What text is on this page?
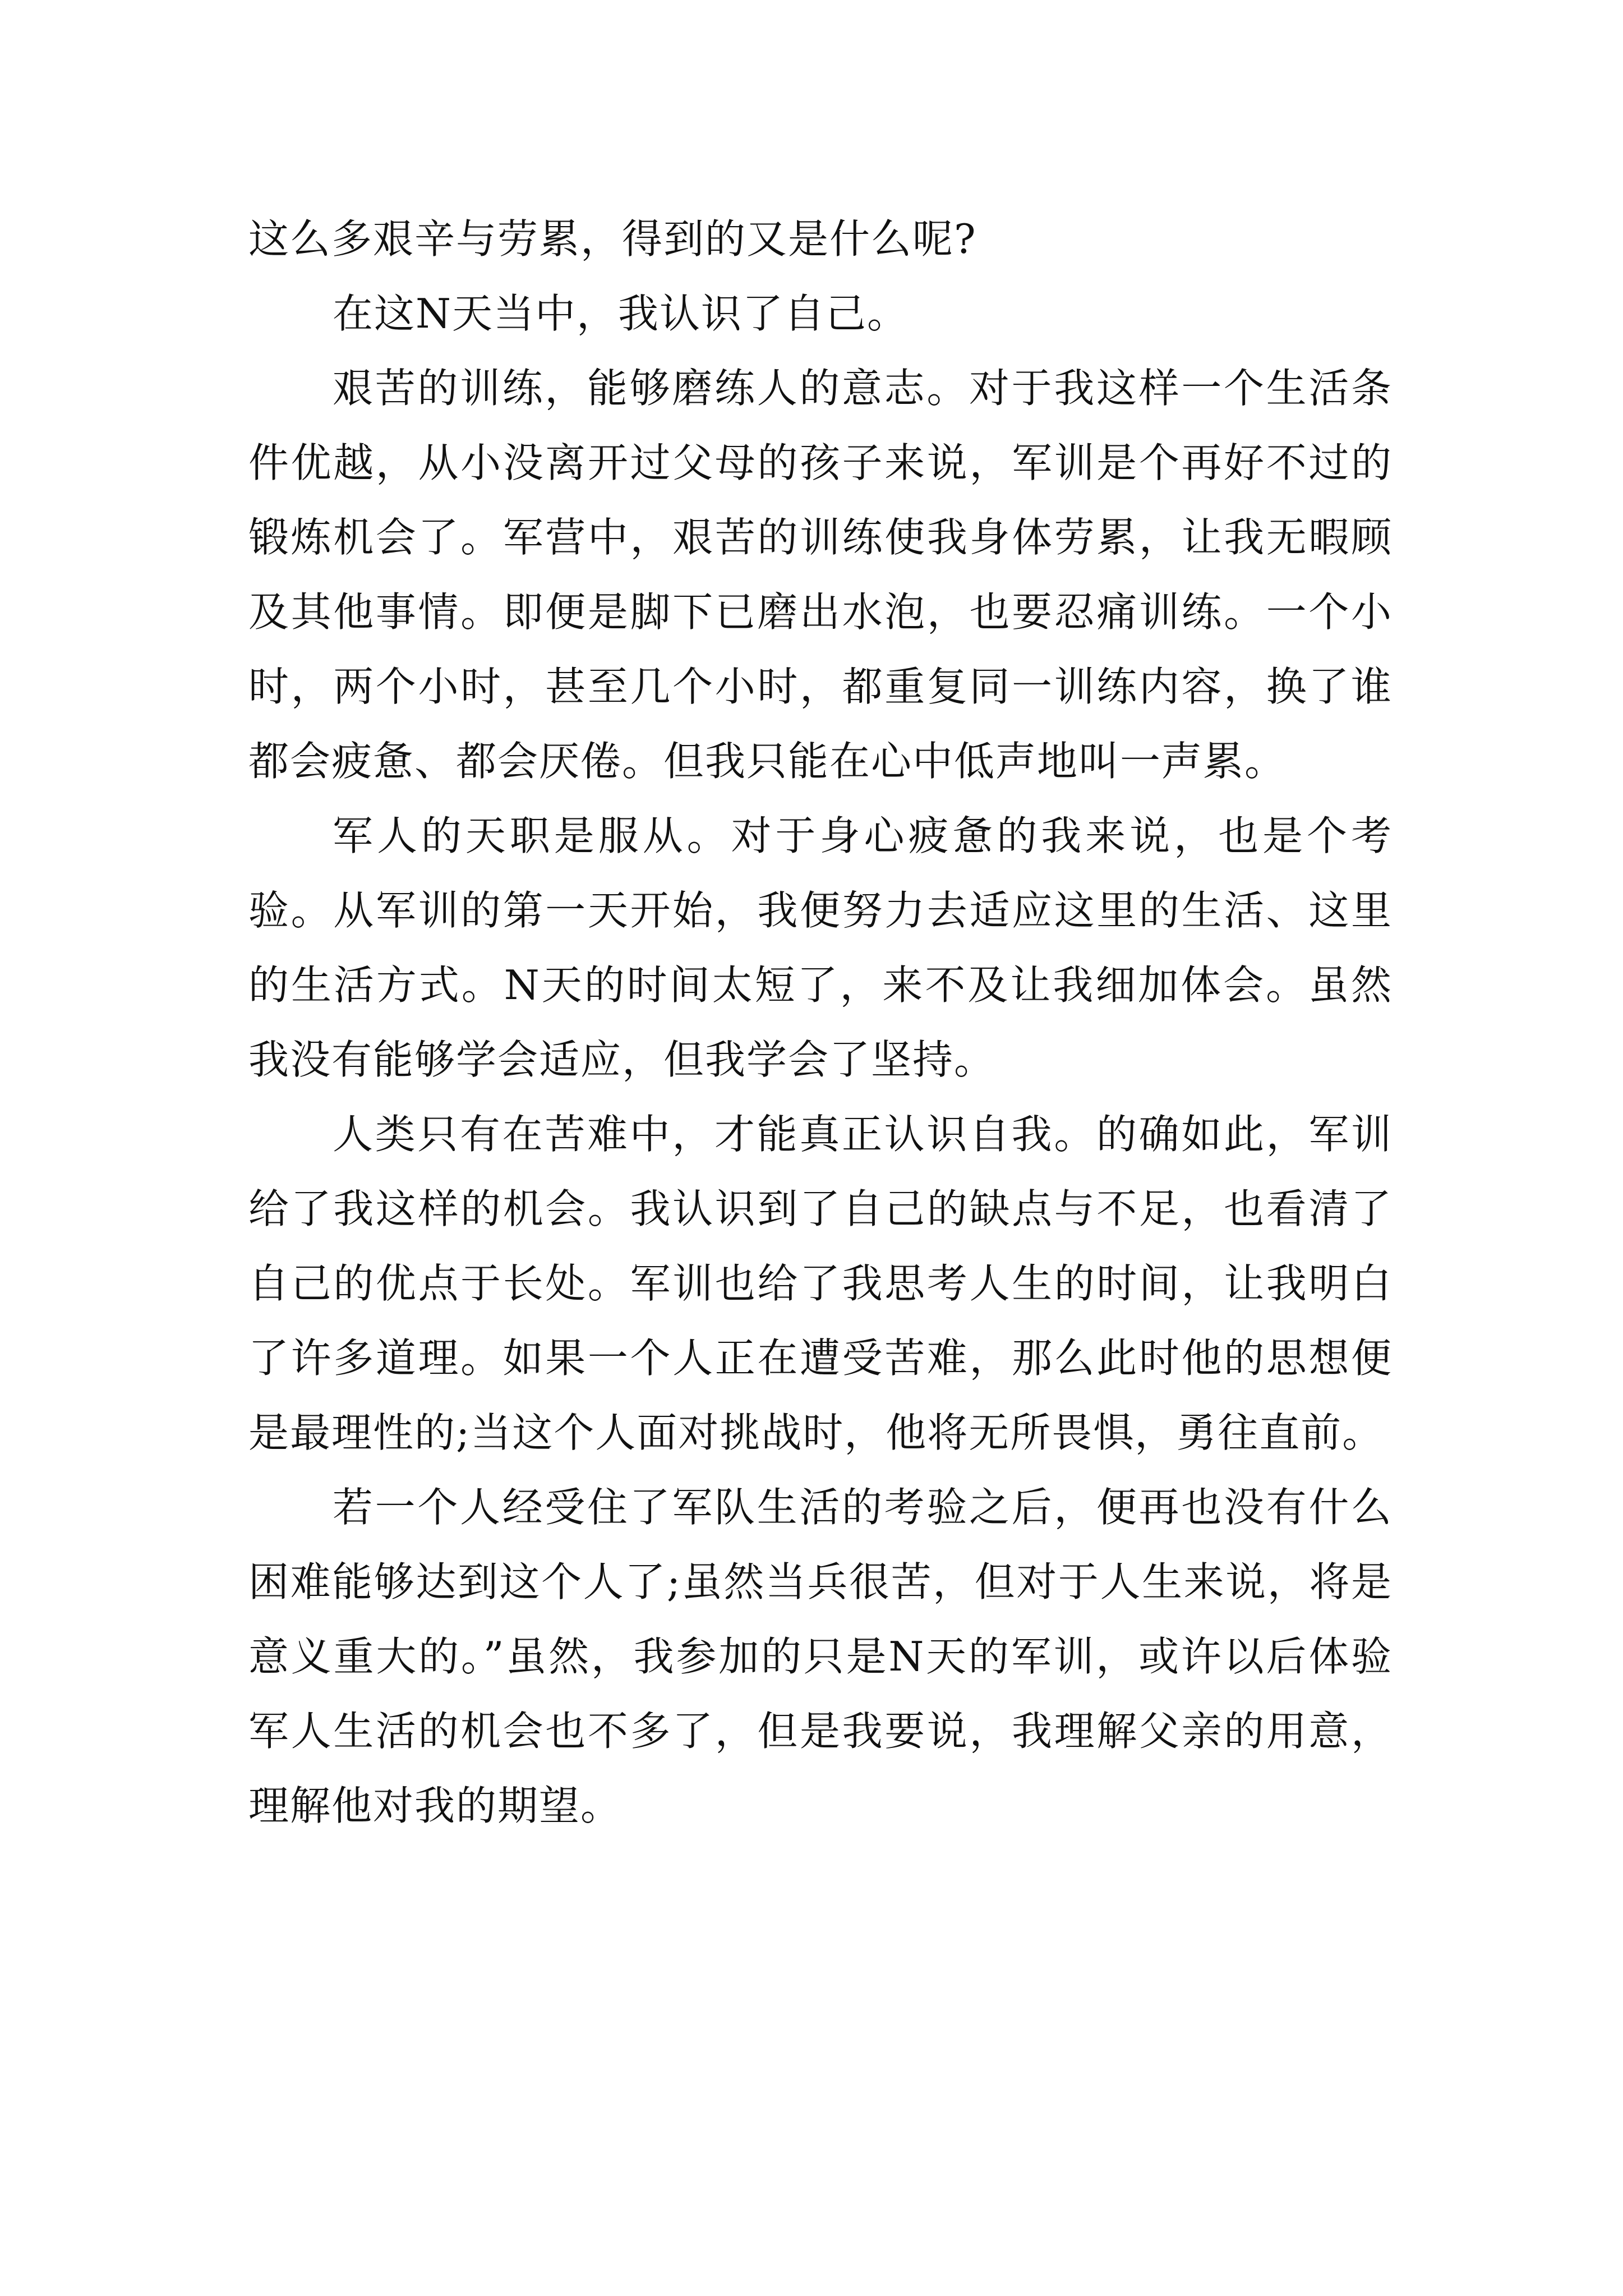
这么多艰辛与劳累，得到的又是什么呢?

在这N天当中，我认识了自己。

艰苦的训练，能够磨练人的意志。对于我这样一个生活条件优越，从小没离开过父母的孩子来说，军训是个再好不过的锻炼机会了。军营中，艰苦的训练使我身体劳累，让我无暇顾及其他事情。即便是脚下已磨出水泡，也要忍痛训练。一个小时，两个小时，甚至几个小时，都重复同一训练内容，换了谁都会疲惫、都会厌倦。但我只能在心中低声地叫一声累。

军人的天职是服从。对于身心疲惫的我来说，也是个考验。从军训的第一天开始，我便努力去适应这里的生活、这里的生活方式。N天的时间太短了，来不及让我细加体会。虽然我没有能够学会适应，但我学会了坚持。

人类只有在苦难中，才能真正认识自我。的确如此，军训给了我这样的机会。我认识到了自己的缺点与不足，也看清了自己的优点于长处。军训也给了我思考人生的时间，让我明白了许多道理。如果一个人正在遭受苦难，那么此时他的思想便是最理性的;当这个人面对挑战时，他将无所畏惧，勇往直前。

若一个人经受住了军队生活的考验之后，便再也没有什么困难能够达到这个人了;虽然当兵很苦，但对于人生来说，将是意义重大的。”虽然，我参加的只是N天的军训，或许以后体验军人生活的机会也不多了，但是我要说，我理解父亲的用意，理解他对我的期望。
